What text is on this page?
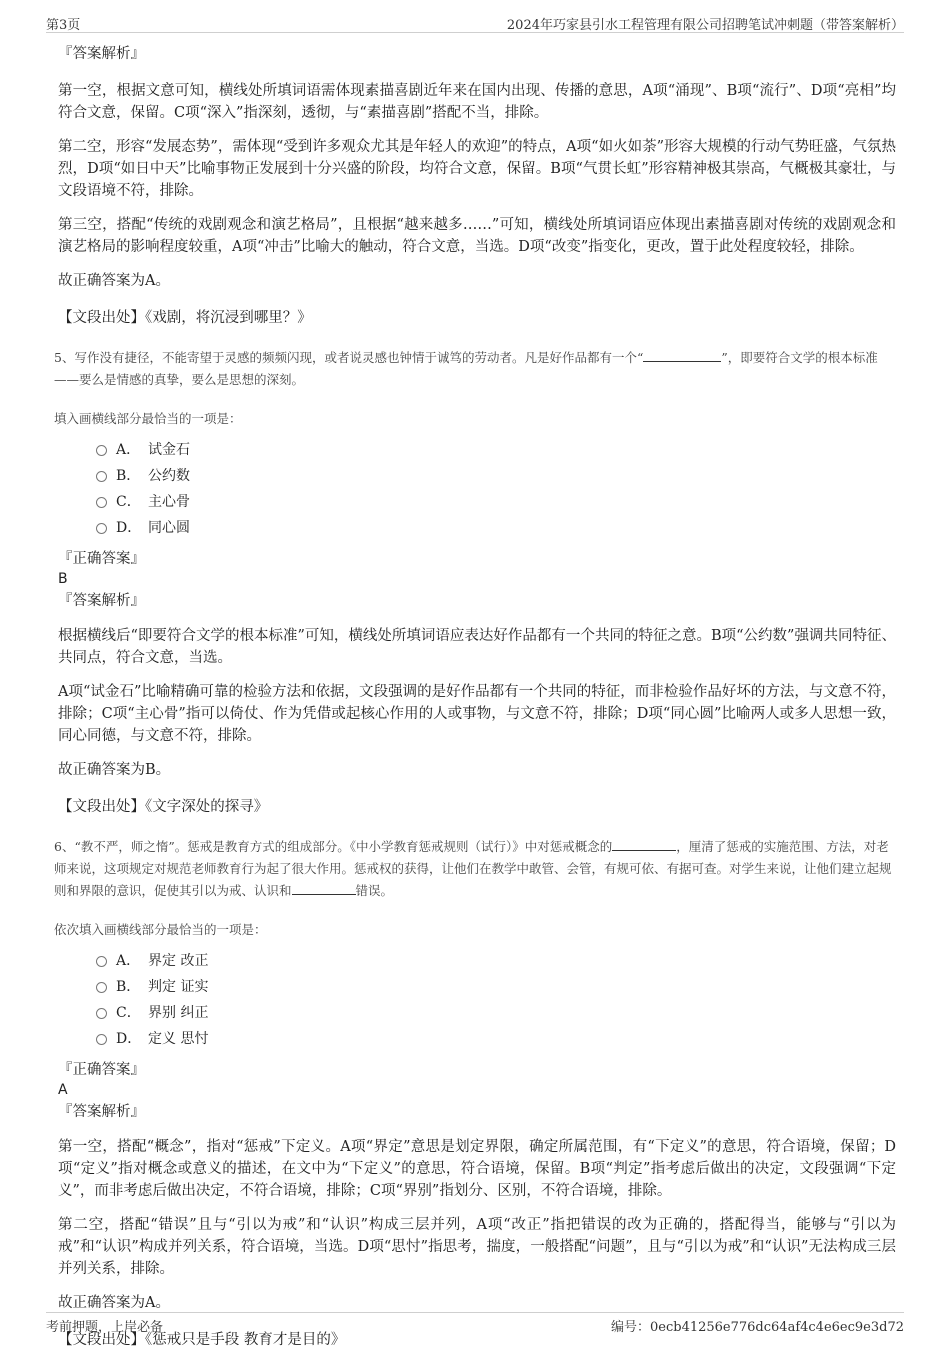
第3页	2024年巧家县引水工程管理有限公司招聘笔试冲刺题（带答案解析）
『答案解析』

第一空，根据文意可知，横线处所填词语需体现素描喜剧近年来在国内出现、传播的意思，A项“涌现”、B项“流行”、D项“亮相”均符合文意，保留。C项“深入”指深刻，透彻，与“素描喜剧”搭配不当，排除。

第二空，形容“发展态势”，需体现“受到许多观众尤其是年轻人的欢迎”的特点，A项“如火如荼”形容大规模的行动气势旺盛，气氛热烈，D项“如日中天”比喻事物正发展到十分兴盛的阶段，均符合文意，保留。B项“气贯长虹”形容精神极其崇高，气概极其豪壮，与文段语境不符，排除。

第三空，搭配“传统的戏剧观念和演艺格局”，且根据“越来越多……”可知，横线处所填词语应体现出素描喜剧对传统的戏剧观念和演艺格局的影响程度较重，A项“冲击”比喻大的触动，符合文意，当选。D项“改变”指变化，更改，置于此处程度较轻，排除。

故正确答案为A。

【文段出处】《戏剧，将沉浸到哪里？》
5、写作没有捷径，不能寄望于灵感的频频闪现，或者说灵感也钟情于诚笃的劳动者。凡是好作品都有一个“	”，即要符合文学的根本标准——要么是情感的真挚，要么是思想的深刻。
填入画横线部分最恰当的一项是：
A． 试金石
B． 公约数
C． 主心骨
D． 同心圆
『正确答案』
B
『答案解析』

根据横线后“即要符合文学的根本标准”可知，横线处所填词语应表达好作品都有一个共同的特征之意。B项“公约数”强调共同特征、共同点，符合文意，当选。

A项“试金石”比喻精确可靠的检验方法和依据，文段强调的是好作品都有一个共同的特征，而非检验作品好坏的方法，与文意不符，排除；C项“主心骨”指可以倚仗、作为凭借或起核心作用的人或事物，与文意不符，排除；D项“同心圆”比喻两人或多人思想一致，同心同德，与文意不符，排除。

故正确答案为B。

【文段出处】《文字深处的探寻》
6、“教不严，师之惰”。惩戒是教育方式的组成部分。《中小学教育惩戒规则（试行）》中对惩戒概念的	，厘清了惩戒的实施范围、方法，对老师来说，这项规定对规范老师教育行为起了很大作用。惩戒权的获得，让他们在教学中敢管、会管，有规可依、有据可查。对学生来说，让他们建立起规则和界限的意识，促使其引以为戒、认识和	错误。
依次填入画横线部分最恰当的一项是：
A． 界定 改正
B． 判定 证实
C． 界别 纠正
D． 定义 思忖
『正确答案』
A
『答案解析』

第一空，搭配“概念”，指对“惩戒”下定义。A项“界定”意思是划定界限，确定所属范围，有“下定义”的意思，符合语境，保留；D项“定义”指对概念或意义的描述，在文中为“下定义”的意思，符合语境，保留。B项“判定”指考虑后做出的决定，文段强调“下定义”，而非考虑后做出决定，不符合语境，排除；C项“界别”指划分、区别，不符合语境，排除。

第二空，搭配“错误”且与“引以为戒”和“认识”构成三层并列，A项“改正”指把错误的改为正确的，搭配得当，能够与“引以为戒”和“认识”构成并列关系，符合语境，当选。D项“思忖”指思考，揣度，一般搭配“问题”，且与“引以为戒”和“认识”无法构成三层并列关系，排除。

故正确答案为A。

【文段出处】《惩戒只是手段 教育才是目的》
考前押题，上岸必备	编号：0ecb41256e776dc64af4c4e6ec9e3d72
